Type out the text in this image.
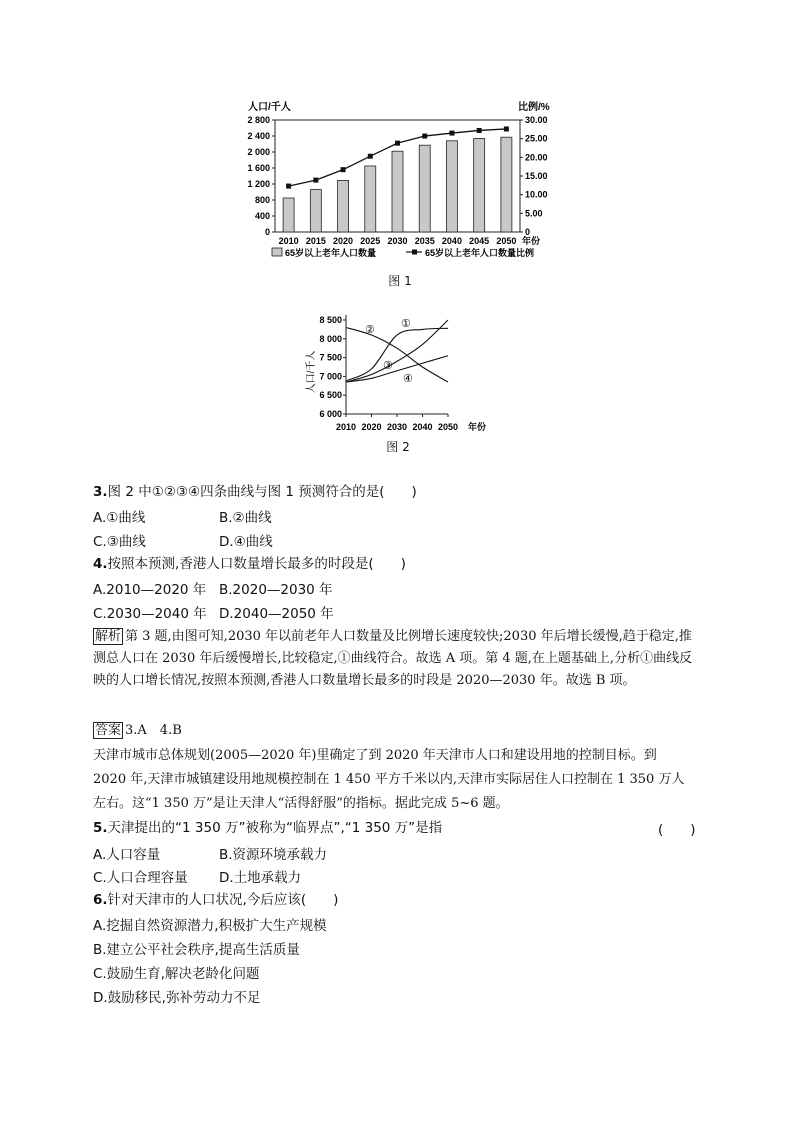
人口/千人	比例/%
0
400
800
1 200
1 600
2 000
2 400
2 800
0
5.00
10.00
15.00
20.00
25.00
30.00
2010 2015 2020 2025 2030 2035 2040 2045 2050 年份
65岁以上老年人口数量	65岁以上老年人口数量比例
图 1
人口/千人
6 000
6 500
7 000
7 500
8 000
8 500
2010 2020 2030 2040 2050 年份
①
②
③
④
图 2
3.图 2 中①②③④四条曲线与图 1 预测符合的是(　　)
A.①曲线	B.②曲线
C.③曲线	D.④曲线
4.按照本预测,香港人口数量增长最多的时段是(　　)
A.2010—2020 年 B.2020—2030 年
C.2030—2040 年 D.2040—2050 年
解析 第 3 题,由图可知,2030 年以前老年人口数量及比例增长速度较快;2030 年后增长缓慢,趋于稳定,推测总人口在 2030 年后缓慢增长,比较稳定,①曲线符合。故选 A 项。第 4 题,在上题基础上,分析①曲线反映的人口增长情况,按照本预测,香港人口数量增长最多的时段是 2020—2030 年。故选 B 项。
答案 3.A　4.B
天津市城市总体规划(2005—2020 年)里确定了到 2020 年天津市人口和建设用地的控制目标。到 2020 年,天津市城镇建设用地规模控制在 1 450 平方千米以内,天津市实际居住人口控制在 1 350 万人左右。这“1 350 万”是让天津人“活得舒服”的指标。据此完成 5~6 题。
5.天津提出的“1 350 万”被称为“临界点”,“1 350 万”是指	(　　)
A.人口容量	B.资源环境承载力
C.人口合理容量 D.土地承载力
6.针对天津市的人口状况,今后应该(　　)
A.挖掘自然资源潜力,积极扩大生产规模
B.建立公平社会秩序,提高生活质量
C.鼓励生育,解决老龄化问题
D.鼓励移民,弥补劳动力不足
